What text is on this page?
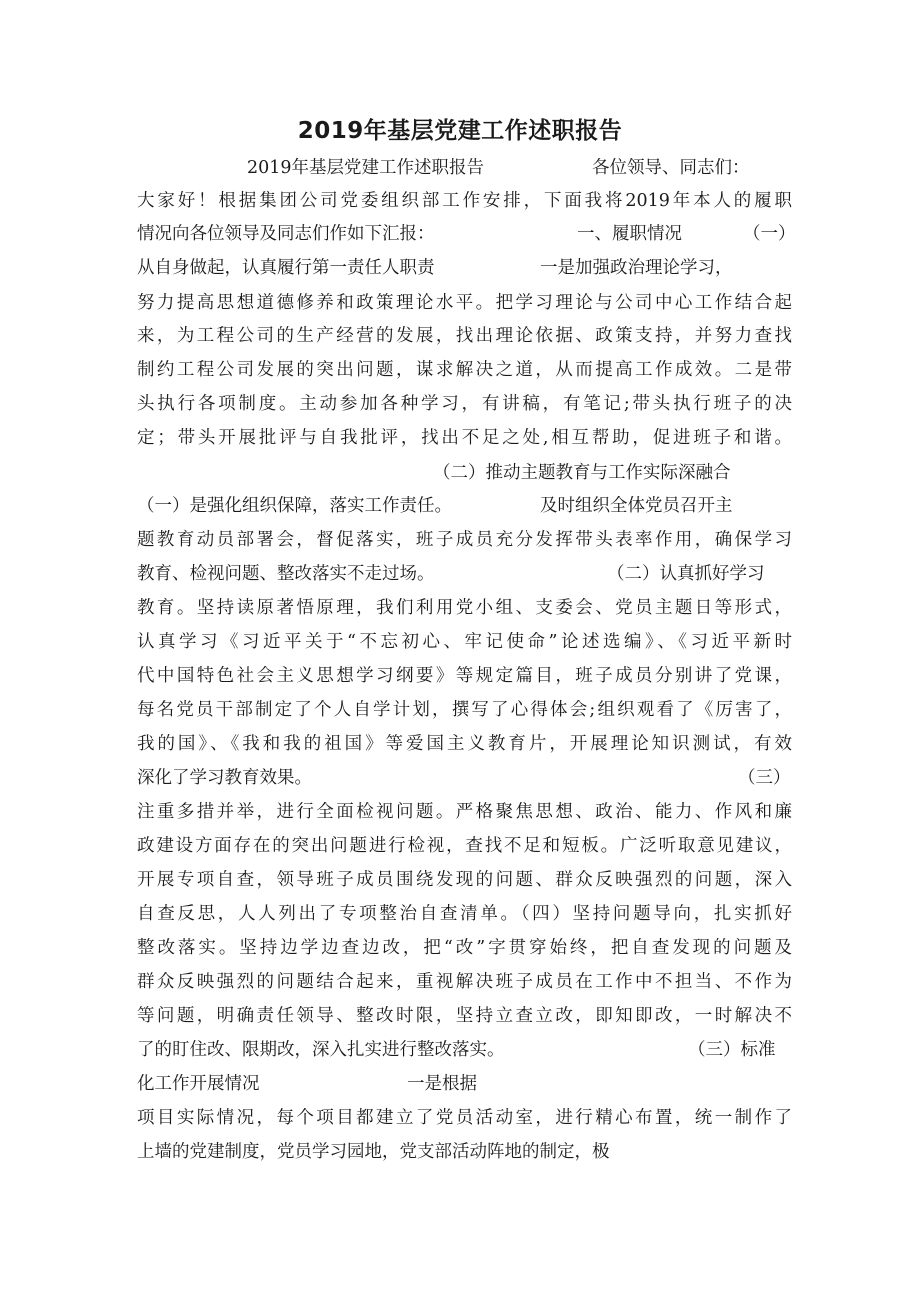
2019年基层党建工作述职报告

2019年基层党建工作述职报告

	各位领导、同志们：

大家好！根据集团公司党委组织部工作安排，下面我将2019年本人的履职

情况向各位领导及同志们作如下汇报：

	一、履职情况

	（一）

从自身做起，认真履行第一责任人职责

	一是加强政治理论学习，

努力提高思想道德修养和政策理论水平。把学习理论与公司中心工作结合起
来，为工程公司的生产经营的发展，找出理论依据、政策支持，并努力查找
制约工程公司发展的突出问题，谋求解决之道，从而提高工作成效。二是带
头执行各项制度。主动参加各种学习，有讲稿，有笔记;带头执行班子的决
定；带头开展批评与自我批评，找出不足之处,相互帮助，促进班子和谐。

（二）推动主题教育与工作实际深融合

（一）是强化组织保障，落实工作责任。

	及时组织全体党员召开主

题教育动员部署会，督促落实，班子成员充分发挥带头表率作用，确保学习

教育、检视问题、整改落实不走过场。

	（二）认真抓好学习

教育。坚持读原著悟原理，我们利用党小组、支委会、党员主题日等形式，
认真学习《习近平关于“不忘初心、牢记使命”论述选编》、《习近平新时
代中国特色社会主义思想学习纲要》等规定篇目，班子成员分别讲了党课，
每名党员干部制定了个人自学计划，撰写了心得体会;组织观看了《厉害了，
我的国》、《我和我的祖国》等爱国主义教育片，开展理论知识测试，有效

深化了学习教育效果。

	（三）

注重多措并举，进行全面检视问题。严格聚焦思想、政治、能力、作风和廉
政建设方面存在的突出问题进行检视，查找不足和短板。广泛听取意见建议，
开展专项自查，领导班子成员围绕发现的问题、群众反映强烈的问题，深入
自查反思，人人列出了专项整治自查清单。（四）坚持问题导向，扎实抓好
整改落实。坚持边学边查边改，把“改”字贯穿始终，把自查发现的问题及
群众反映强烈的问题结合起来，重视解决班子成员在工作中不担当、不作为
等问题，明确责任领导、整改时限，坚持立查立改，即知即改，一时解决不

了的盯住改、限期改，深入扎实进行整改落实。

	（三）标准

化工作开展情况

	一是根据

项目实际情况，每个项目都建立了党员活动室，进行精心布置，统一制作了

上墙的党建制度，党员学习园地，党支部活动阵地的制定，极
